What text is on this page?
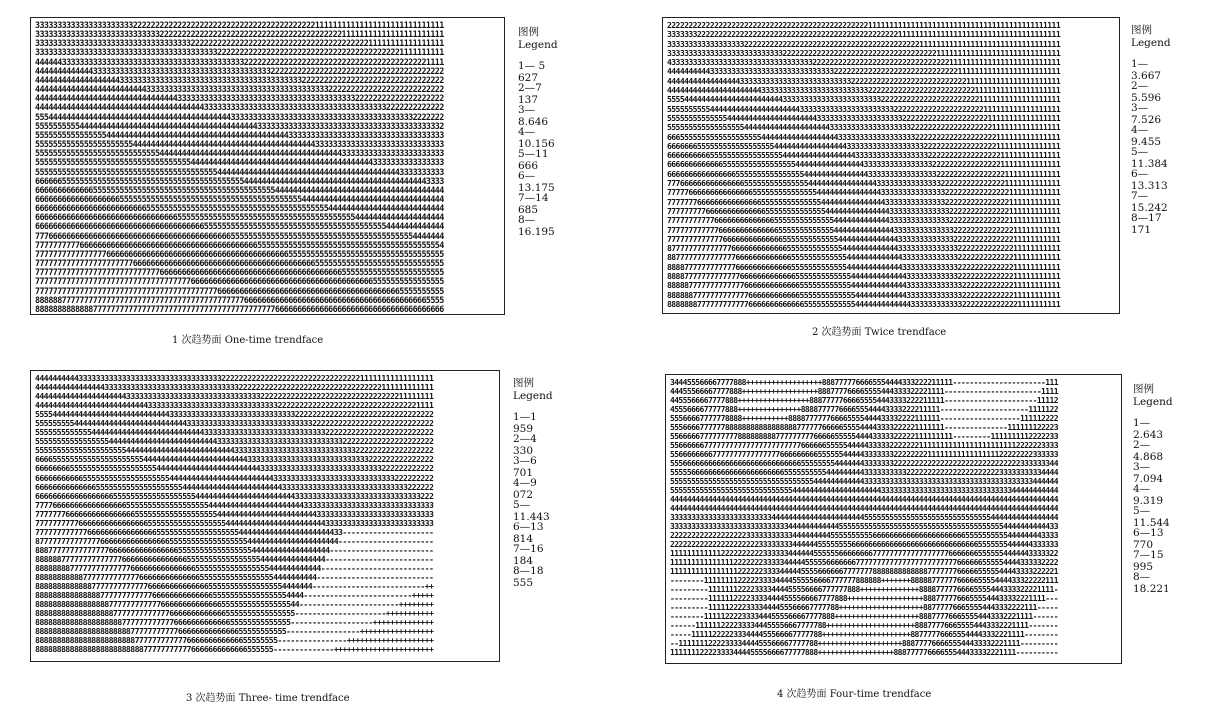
33333333333333333333332222222222222222222222222222222222222222211111111111111111111111111111
33333333333333333333333333332222222222222222222222222222222222222222211111111111111111111111
33333333333333333333333333333333333222222222222222222222222222222222222222211111111111111111
33333333333333333333333333333333333333333222222222222222222222222222222222222222221111111111
44444433333333333333333333333333333333333333333222222222222222222222222222222222222222221111
44444444444443333333333333333333333333333333333333333222222222222222222222222222222222222222
44444444444444444443333333333333333333333333333333333333333322222222222222222222222222222222
44444444444444444444444443333333333333333333333333333333333333333322222222222222222222222222
44444444444444444444444444444444333333333333333333333333333333333333333322222222222222222222
44444444444444444444444444444444444444333333333333333333333333333333333333333332222222222222
55544444444444444444444444444444444444444444333333333333333333333333333333333333333332222222
55555555554444444444444444444444444444444444444444333333333333333333333333333333333333333332
55555555555555554444444444444444444444444444444444444444433333333333333333333333333333333333
55555555555555555555554444444444444444444444444444444444444444433333333333333333333333333333
55555555555555555555555555554444444444444444444444444444444444444444433333333333333333333333
55555555555555555555555555555555555444444444444444444444444444444444444444443333333333333333
55555555555555555555555555555555555555555444444444444444444444444444444444444444443333333333
66666655555555555555555555555555555555555555555444444444444444444444444444444444444444443333
66666666666665555555555555555555555555555555555555555544444444444444444444444444444444444444
66666666666666666665555555555555555555555555555555555555555544444444444444444444444444444444
66666666666666666666666665555555555555555555555555555555555555555544444444444444444444444444
66666666666666666666666666666666555555555555555555555555555555555555555544444444444444444444
66666666666666666666666666666666666666555555555555555555555555555555555555555554444444444444
77766666666666666666666666666666666666666666555555555555555555555555555555555555555554444444
77777777776666666666666666666666666666666666666666555555555555555555555555555555555555555554
77777777777777776666666666666666666666666666666666666666655555555555555555555555555555555555
77777777777777777777776666666666666666666666666666666666666666655555555555555555555555555555
77777777777777777777777777776666666666666666666666666666666666666666655555555555555555555555
77777777777777777777777777777777777666666666666666666666666666666666666666665555555555555555
77777777777777777777777777777777777777777666666666666666666666666666666666666666665555555555
88888877777777777777777777777777777777777777777666666666666666666666666666666666666666665555
88888888888887777777777777777777777777777777777777777766666666666666666666666666666666666666
图例 Legend
1— 5 627
2—7 137
3—8.646
4—10.156
5—11 666
6—13.175
7—14 685
8—16.195
1 次趋势面 One-time trendface
22222222222222222222222222222222222222222222222111111111111111111111111111111111111111111111
33333332222222222222222222222222222222222222222222222211111111111111111111111111111111111111
33333333333333333322222222222222222222222222222222222222222111111111111111111111111111111111
33333333333333333333333333322222222222222222222222222222222222211111111111111111111111111111
43333333333333333333333333333333332222222222222222222222222222222211111111111111111111111111
44444444443333333333333333333333333333322222222222222222222222222222111111111111111111111111
44444444444444444333333333333333333333333332222222222222222222222222221111111111111111111111
44444444444444444444443333333333333333333333333222222222222222222222222211111111111111111111
55554444444444444444444444433333333333333333333333222222222222222222222221111111111111111111
55555555554444444444444444444443333333333333333333333222222222222222222222111111111111111111
55555555555555444444444444444444444333333333333333333332222222222222222222211111111111111111
55555555555555555544444444444444444444333333333333333333322222222222222222221111111111111111
66655555555555555555554444444444444444443333333333333333332222222222222222222111111111111111
66666665555555555555555554444444444444444433333333333333333322222222222222222111111111111111
66666666665555555555555555544444444444444444333333333333333332222222222222222211111111111111
66666666666665555555555555555544444444444444443333333333333333222222222222222211111111111111
66666666666666665555555555555555444444444444444333333333333333322222222222222221111111111111
77766666666666666655555555555555544444444444444443333333333333332222222222222221111111111111
77777666666666666666555555555555555444444444444444333333333333333222222222222222111111111111
77777776666666666666665555555555555544444444444444433333333333333222222222222222111111111111
77777777766666666666666555555555555554444444444444443333333333333322222222222222111111111111
77777777777666666666666665555555555555544444444444443333333333333322222222222222111111111111
77777777777766666666666666555555555555544444444444444333333333333332222222222222211111111111
77777777777776666666666666655555555555554444444444444433333333333332222222222222211111111111
87777777777777766666666666665555555555555444444444444433333333333333222222222222211111111111
88777777777777776666666666666555555555555544444444444443333333333333222222222222211111111111
88887777777777776666666666666555555555555544444444444443333333333333222222222222211111111111
88887777777777777666666666666655555555555554444444444444333333333333222222222222211111111111
88888777777777777766666666666665555555555554444444444444333333333333322222222222211111111111
88888877777777777776666666666665555555555555444444444444333333333333322222222222211111111111
88888887777777777776666666666666555555555555444444444444433333333333322222222222221111111111
图例 Legend
1—3.667
2—5.596
3—7.526
4—9.455
5—11.384
6—13.313
7—15.242
8—17 171
2 次趋势面 Twice trendface
44444444443333333333333333333333333333333332222222222222222222222222222222211111111111111111
44444444444444443333333333333333333333333333333222222222222222222222222222222222111111111111
44444444444444444444433333333333333333333333333333332222222222222222222222222222222211111111
44444444444444444444444444333333333333333333333333333333222222222222222222222222222222221111
55554444444444444444444444444443333333333333333333333333333322222222222222222222222222222222
55555555544444444444444444444444444333333333333333333333333333332222222222222222222222222222
55555555555554444444444444444444444444433333333333333333333333333332222222222222222222222222
55555555555555555444444444444444444444444433333333333333333333333333333222222222222222222222
55555555555555555555544444444444444444444444443333333333333333333333333333222222222222222222
66665555555555555555555554444444444444444444444443333333333333333333333333333222222222222222
66666666555555555555555555554444444444444444444444443333333333333333333333333333222222222222
66666666666555555555555555555554444444444444444444444443333333333333333333333333333222222222
66666666666666555555555555555555554444444444444444444444433333333333333333333333333333222222
66666666666666666655555555555555555554444444444444444444444433333333333333333333333333333222
77776666666666666666655555555555555555554444444444444444444444333333333333333333333333333333
77777776666666666666666555555555555555555544444444444444444444444333333333333333333333333333
77777777776666666666666666555555555555555555444444444444444444444443333333333333333333333333
77777777777766666666666666665555555555555555555444444444444444444444433---------------------
8777777777777776666666666666666555555555555555555444444444444444444444----------------------
88877777777777777666666666666666655555555555555555444444444444444444------------------------
8888887777777777777766666666666666655555555555555555444444444444444-------------------------
888888887777777777777766666666666666655555555555555555444444444444--------------------------
88888888888777777777777766666666666666555555555555555554444444444---------------------------
8888888888888777777777777766666666666666555555555555555554444444--------------------------++
88888888888888877777777777766666666666666555555555555555554444-------------------------+++++
8888888888888888877777777777766666666666666555555555555555544-----------------------++++++++
888888888888888888777777777777766666666666665555555555555555---------------------+++++++++++
88888888888888888888777777777777666666666666655555555555555-------------------++++++++++++++
8888888888888888888888777777777776666666666666655555555555-----------------+++++++++++++++++
88888888888888888888888777777777777666666666666655555555----------------++++++++++++++++++++
8888888888888888888888888777777777776666666666666555555--------------+++++++++++++++++++++++
图例 Legend
1—1 959
2—4 330
3—6 701
4—9 072
5—11.443
6—13 814
7—16 184
8—18 555
3 次趋势面 Three- time trendface
344455566667777888++++++++++++++++++8887777766665554444333222211111----------------------111
44455566667777888++++++++++++++++++888777766665555444333322221111-----------------------1111
4455566667777888+++++++++++++++++88877777666655554443333222211111----------------------11112
4555666677777888+++++++++++++++888877777666655544443333222211111---------------------1111122
55566667777778888+++++++++++888877777766665555444433332222111111-------------------111112222
55566667777778888888888888888877777766666555544443333222221111111---------------111111122223
5566666777777777888888888777777777666665555544443333322222111111111---------1111111112222233
55666666777777777777777777777776666665555544444333332222222111111111111111111111112222223333
55666666667777777777777777666666666555555444443333333222222221111111111111111122222222333333
55566666666666666666666666666665555555544444443333333222222222222222222222222222222333333344
55555666666666666666666666655555555554444444443333333333222222222222222222222233333333334444
55555555555555555555555555555555554444444444443333333333333333333333333333333333333333444444
55555555555555555555555555555444444444444444444444333333333333333333333333333333344444444444
44444444444444444444444444444444444444444444444444444444444444444444444444444444444444444444
44444444444444444444444444444444444444444444444444444444444444444444444444444444444444444444
33333333333333333333333344444444444444444444445555555555555555555555555555554444444444444444
33333333333333333333333333334444444444445555555555555555555555555555555555555554444444444433
22222222222222222233333333333444444444555555555566666666666666666666665555555555444444443333
22222222222222222222233333333444444555555556666666666666666666666666666665555555444444333333
11111111111122222222223333334444445555556666666677777777777777777766666665555554444443333322
11111111111111122222223333344444555556666666777777777777777777777777666666555554444333332222
11111111111111112222223333444445555666666777777788888888888887777777666665555544443333222221
--------111111112222233334444555556666777777888888+++++++88888777777666665555444433322222111
---------111111122223333444455556666777777888++++++++++++++88887777766665555444333322221111-
---------111111222233334444555566667777888++++++++++++++++++88877777666555544433332221111---
---------1111122223333444455566667777788++++++++++++++++++++887777766655554443332222111-----
--------1111122223333444555566667777888++++++++++++++++++++888777766655554443332221111------
------1111112222333344455556667777788+++++++++++++++++++++888777766655554443332221111-------
-----1111122222333444455566667777788+++++++++++++++++++++887777766655544443332221111--------
--111111122223333444455566667777788++++++++++++++++++++8887777666655544433332221111---------
11111112222333344445555666677777888++++++++++++++++++88877777666655544433332221111----------
图例 Legend
1—2.643
2—4.868
3—7.094
4—9.319
5—11.544
6—13 770
7—15 995
8—18.221
4 次趋势面 Four-time trendface
